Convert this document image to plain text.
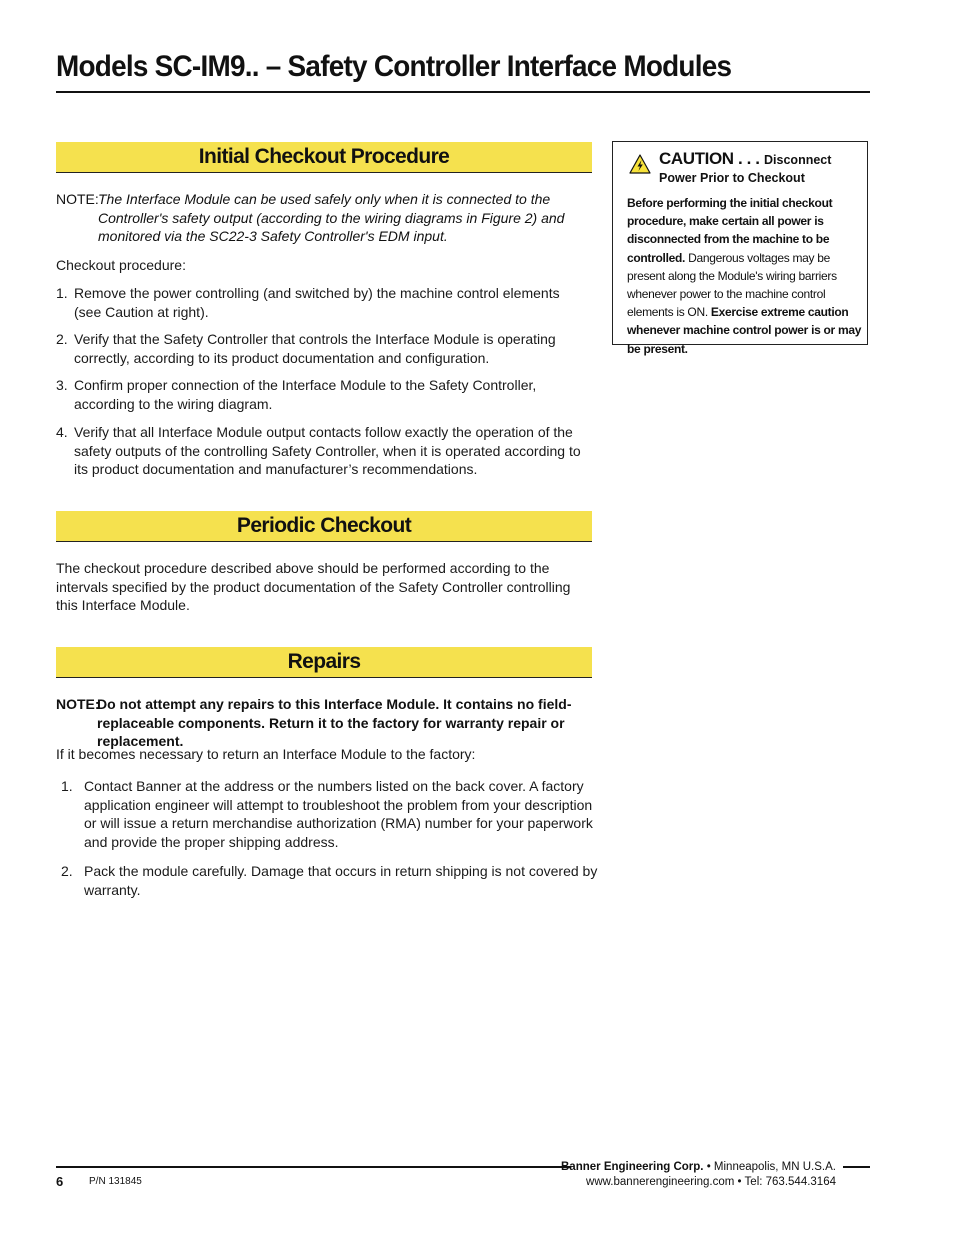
Models SC-IM9.. – Safety Controller Interface Modules
Initial Checkout Procedure
NOTE: The Interface Module can be used safely only when it is connected to the Controller's safety output (according to the wiring diagrams in Figure 2) and monitored via the SC22-3 Safety Controller's EDM input.
Checkout procedure:
1. Remove the power controlling (and switched by) the machine control elements (see Caution at right).
2. Verify that the Safety Controller that controls the Interface Module is operating correctly, according to its product documentation and configuration.
3. Confirm proper connection of the Interface Module to the Safety Controller, according to the wiring diagram.
4. Verify that all Interface Module output contacts follow exactly the operation of the safety outputs of the controlling Safety Controller, when it is operated according to its product documentation and manufacturer’s recommendations.
Periodic Checkout
The checkout procedure described above should be performed according to the intervals specified by the product documentation of the Safety Controller controlling this Interface Module.
Repairs
NOTE:
Do not attempt any repairs to this Interface Module. It contains no field-replaceable components. Return it to the factory for warranty repair or replacement.
If it becomes necessary to return an Interface Module to the factory:
1. Contact Banner at the address or the numbers listed on the back cover. A factory application engineer will attempt to troubleshoot the problem from your description or will issue a return merchandise authorization (RMA) number for your paperwork and provide the proper shipping address.
2. Pack the module carefully. Damage that occurs in return shipping is not covered by warranty.
CAUTION . . . Disconnect
Power Prior to Checkout
Before performing the initial checkout procedure, make certain all power is disconnected from the machine to be controlled. Dangerous voltages may be present along the Module's wiring barriers whenever power to the machine control elements is ON. Exercise extreme caution whenever machine control power is or may be present.
6	P/N 131845
Banner Engineering Corp. • Minneapolis, MN U.S.A.
www.bannerengineering.com • Tel: 763.544.3164
